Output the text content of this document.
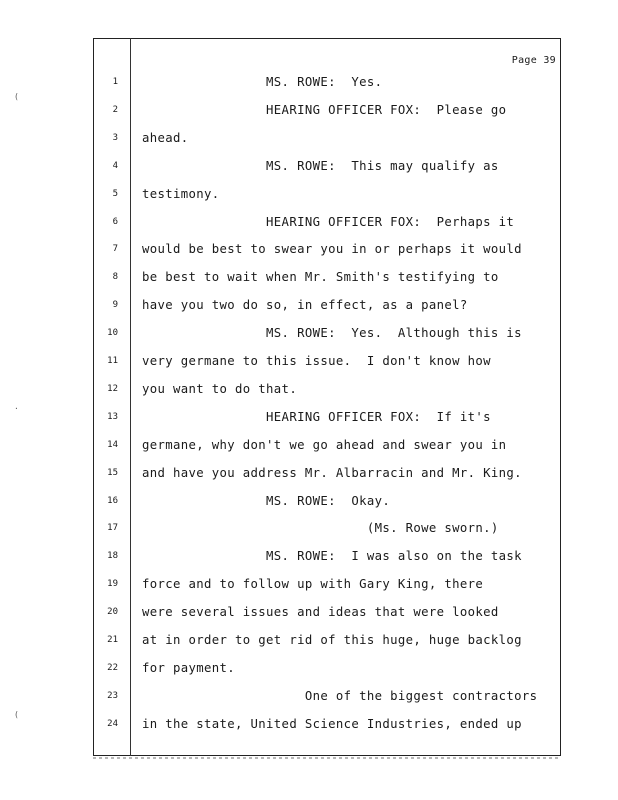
Page 39
1 MS. ROWE:  Yes.
2 HEARING OFFICER FOX:  Please go
3 ahead.
4 MS. ROWE:  This may qualify as
5 testimony.
6 HEARING OFFICER FOX:  Perhaps it
7 would be best to swear you in or perhaps it would
8 be best to wait when Mr. Smith's testifying to
9 have you two do so, in effect, as a panel?
10 MS. ROWE:  Yes.  Although this is
11 very germane to this issue.  I don't know how
12 you want to do that.
13 HEARING OFFICER FOX:  If it's
14 germane, why don't we go ahead and swear you in
15 and have you address Mr. Albarracin and Mr. King.
16 MS. ROWE:  Okay.
17 (Ms. Rowe sworn.)
18 MS. ROWE:  I was also on the task
19 force and to follow up with Gary King, there
20 were several issues and ideas that were looked
21 at in order to get rid of this huge, huge backlog
22 for payment.
23 One of the biggest contractors
24 in the state, United Science Industries, ended up
(
·
(
